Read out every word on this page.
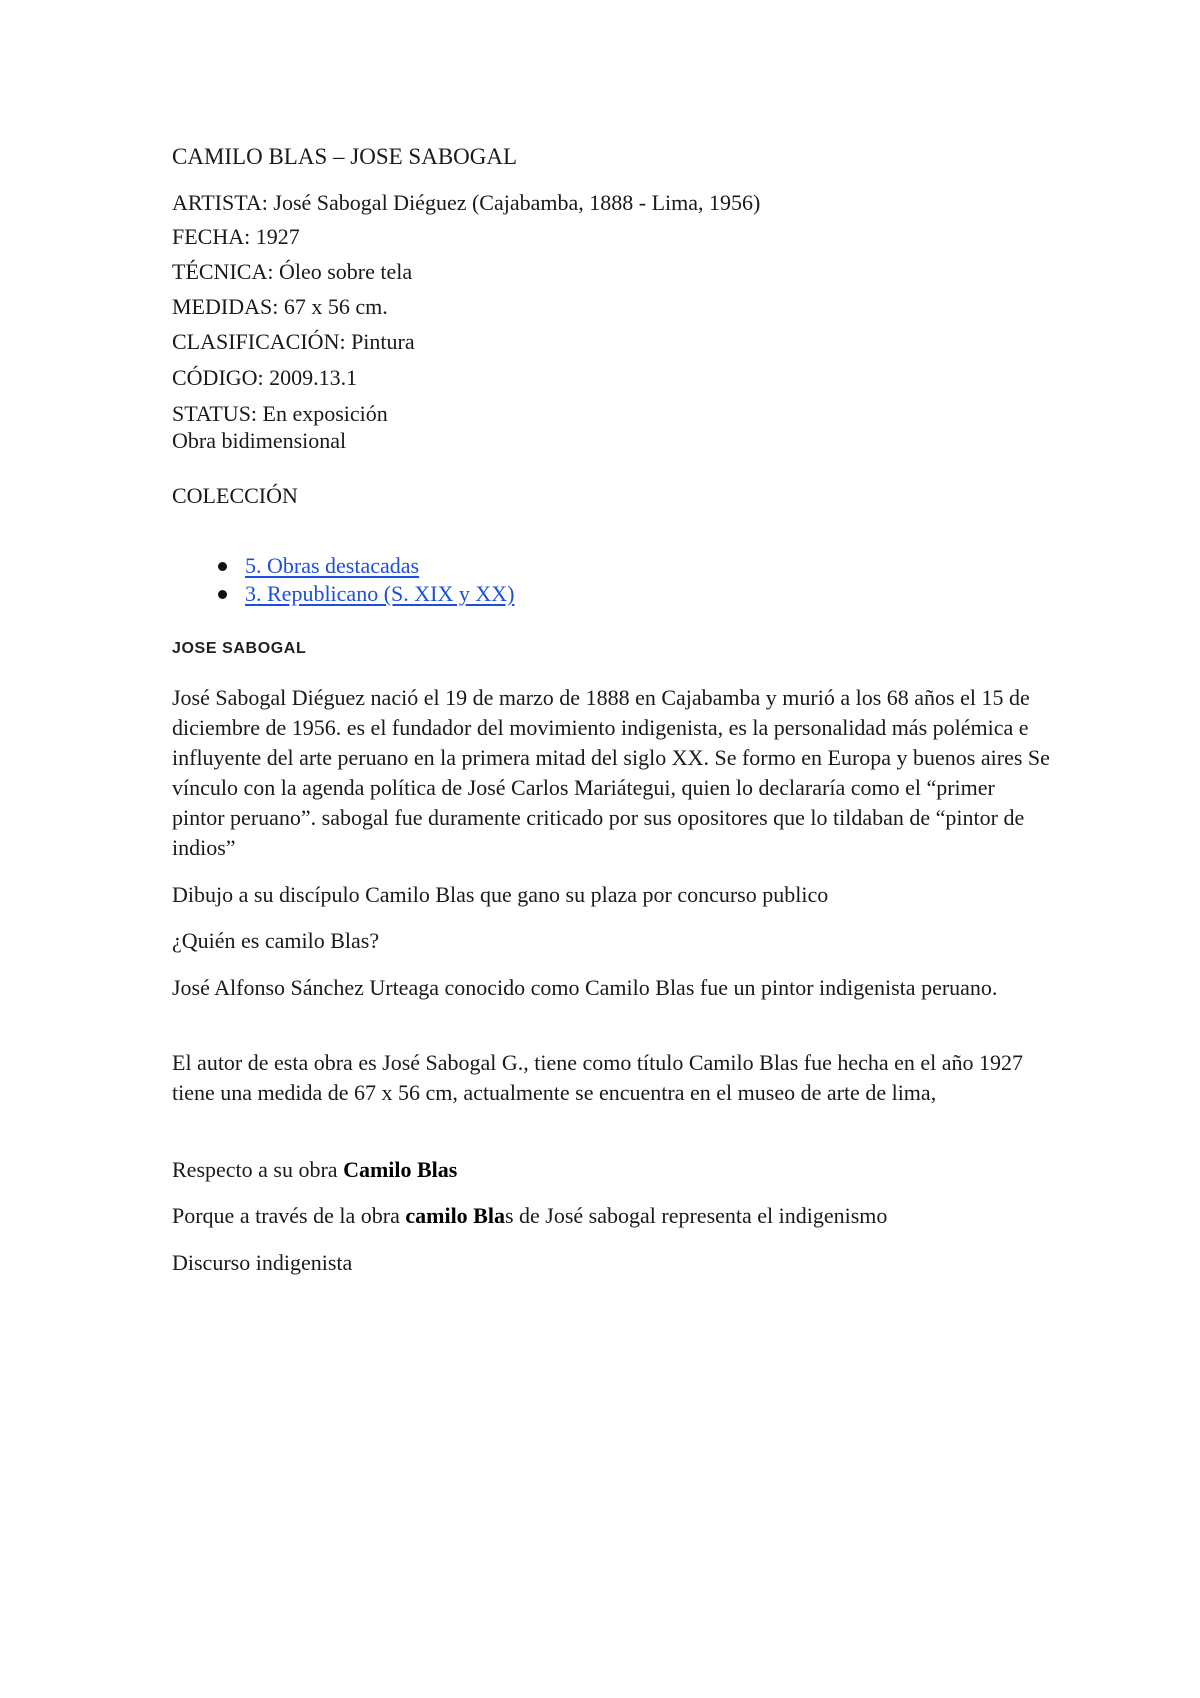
CAMILO BLAS – JOSE SABOGAL
ARTISTA: José Sabogal Diéguez (Cajabamba, 1888 - Lima, 1956)
FECHA: 1927
TÉCNICA: Óleo sobre tela
MEDIDAS: 67 x 56 cm.
CLASIFICACIÓN: Pintura
CÓDIGO: 2009.13.1
STATUS: En exposición
Obra bidimensional
COLECCIÓN
5. Obras destacadas
3. Republicano (S. XIX y XX)
JOSE SABOGAL
José Sabogal Diéguez nació el 19 de marzo de 1888 en Cajabamba y murió a los 68 años el 15 de diciembre de 1956. es el fundador del movimiento indigenista, es la personalidad más polémica e influyente del arte peruano en la primera mitad del siglo XX. Se formo en Europa y buenos aires Se vínculo con la agenda política de José Carlos Mariátegui, quien lo declararía como el “primer pintor peruano”. sabogal fue duramente criticado por sus opositores que lo tildaban de “pintor de indios”
Dibujo a su discípulo Camilo Blas que gano su plaza por concurso publico
¿Quién es camilo Blas?
José Alfonso Sánchez Urteaga conocido como Camilo Blas fue un pintor indigenista peruano.
El autor de esta obra es José Sabogal G., tiene como título Camilo Blas fue hecha en el año 1927 tiene una medida de 67 x 56 cm, actualmente se encuentra en el museo de arte de lima,
Respecto a su obra Camilo Blas
Porque a través de la obra camilo Blas de José sabogal representa el indigenismo
Discurso indigenista
